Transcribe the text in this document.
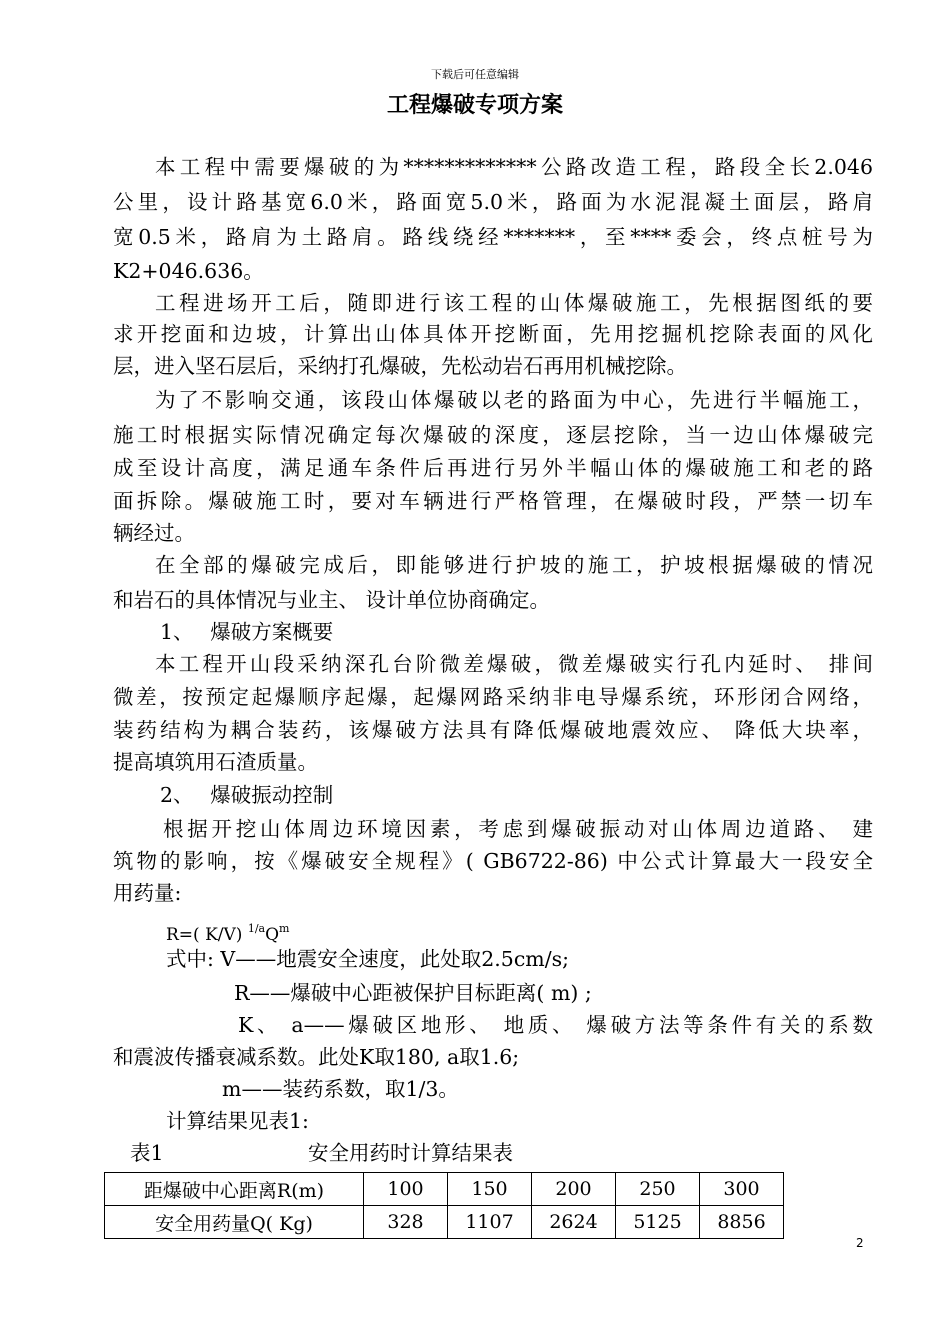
下载后可任意编辑
工程爆破专项方案
本工程中需要爆破的为*************公路改造工程，路段全长2.046
公里，设计路基宽6.0米，路面宽5.0米，路面为水泥混凝土面层，路肩
宽0.5米，路肩为土路肩。路线绕经*******，至****委会，终点桩号为
K2+046.636。
工程进场开工后，随即进行该工程的山体爆破施工，先根据图纸的要
求开挖面和边坡，计算出山体具体开挖断面，先用挖掘机挖除表面的风化
层，进入坚石层后，采纳打孔爆破，先松动岩石再用机械挖除。
为了不影响交通，该段山体爆破以老的路面为中心，先进行半幅施工，
施工时根据实际情况确定每次爆破的深度，逐层挖除，当一边山体爆破完
成至设计高度，满足通车条件后再进行另外半幅山体的爆破施工和老的路
面拆除。爆破施工时，要对车辆进行严格管理，在爆破时段，严禁一切车
辆经过。
在全部的爆破完成后，即能够进行护坡的施工，护坡根据爆破的情况
和岩石的具体情况与业主、 设计单位协商确定。
1、　 爆破方案概要
本工程开山段采纳深孔台阶微差爆破，微差爆破实行孔内延时、 排间
微差，按预定起爆顺序起爆，起爆网路采纳非电导爆系统，环形闭合网络，
装药结构为耦合装药，该爆破方法具有降低爆破地震效应、 降低大块率，
提高填筑用石渣质量。
2、　 爆破振动控制
根据开挖山体周边环境因素，考虑到爆破振动对山体周边道路、 建
筑物的影响，按《爆破安全规程》( GB6722-86) 中公式计算最大一段安全
用药量:
R=( K/V) $^{1/a}Q^m$
式中: V——地震安全速度，此处取2.5cm/s;
R——爆破中心距被保护目标距离( m) ;
K、 a——爆破区地形、 地质、 爆破方法等条件有关的系数
和震波传播衰减系数。此处K取180, a取1.6;
m——装药系数，取1/3。
计算结果见表1:
表1	安全用药时计算结果表
距爆破中心距离R(m)	100	150	200	250	300
安全用药量Q( Kg)	328	1107	2624	5125	8856
2
